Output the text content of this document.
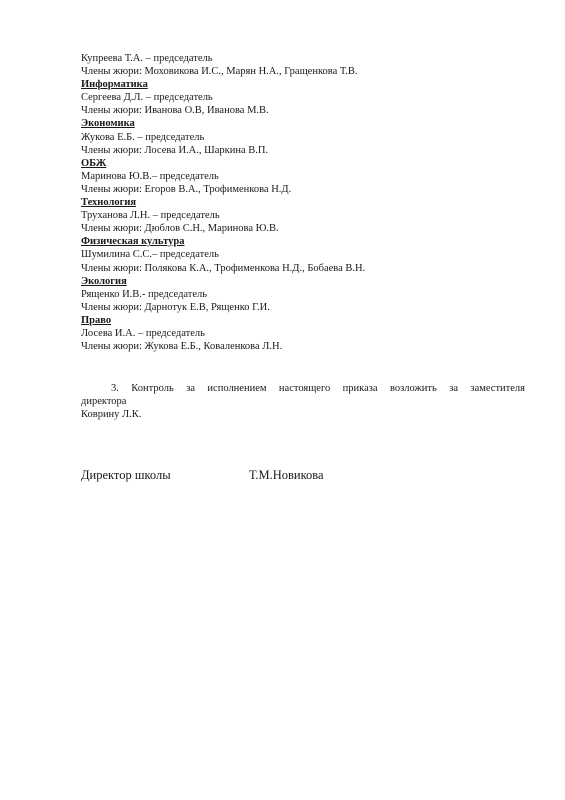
Купреева Т.А. – председатель
Члены жюри: Моховикова И.С., Марян Н.А., Гращенкова Т.В.
Информатика
Сергеева Д.Л. – председатель
Члены жюри: Иванова О.В, Иванова М.В.
Экономика
Жукова Е.Б. – председатель
Члены жюри: Лосева И.А., Шаркина В.П.
ОБЖ
Маринова Ю.В.– председатель
Члены жюри: Егоров В.А., Трофименкова Н.Д.
Технология
Труханова Л.Н. – председатель
Члены жюри: Дюблов С.Н., Маринова Ю.В.
Физическая культура
Шумилина С.С.– председатель
Члены жюри: Полякова К.А., Трофименкова Н.Д., Бобаева В.Н.
Экология
Рященко И.В.- председатель
Члены жюри: Дарнотук Е.В, Рященко Г.И.
Право
Лосева И.А. – председатель
Члены жюри: Жукова Е.Б., Коваленкова Л.Н.
3. Контроль за исполнением настоящего приказа возложить за заместителя
директора
Коврину Л.К.
Директор школы	Т.М.Новикова
